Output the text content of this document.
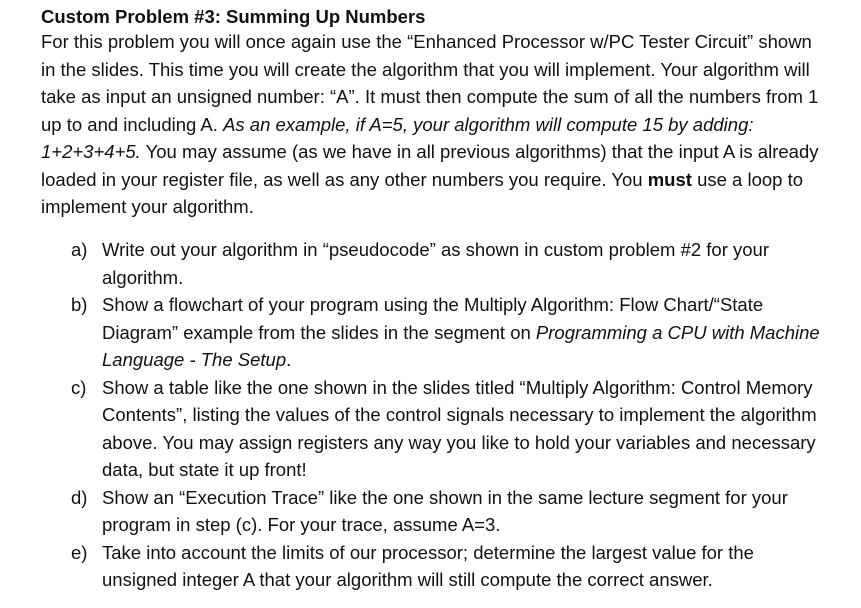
Custom Problem #3: Summing Up Numbers

For this problem you will once again use the “Enhanced Processor w/PC Tester Circuit” shown in the slides. This time you will create the algorithm that you will implement. Your algorithm will take as input an unsigned number: “A”. It must then compute the sum of all the numbers from 1 up to and including A. As an example, if A=5, your algorithm will compute 15 by adding: 1+2+3+4+5. You may assume (as we have in all previous algorithms) that the input A is already loaded in your register file, as well as any other numbers you require. You must use a loop to implement your algorithm.

a) Write out your algorithm in “pseudocode” as shown in custom problem #2 for your algorithm.
b) Show a flowchart of your program using the Multiply Algorithm: Flow Chart/“State Diagram” example from the slides in the segment on Programming a CPU with Machine Language - The Setup.
c) Show a table like the one shown in the slides titled “Multiply Algorithm: Control Memory Contents”, listing the values of the control signals necessary to implement the algorithm above. You may assign registers any way you like to hold your variables and necessary data, but state it up front!
d) Show an “Execution Trace” like the one shown in the same lecture segment for your program in step (c). For your trace, assume A=3.
e) Take into account the limits of our processor; determine the largest value for the unsigned integer A that your algorithm will still compute the correct answer.
